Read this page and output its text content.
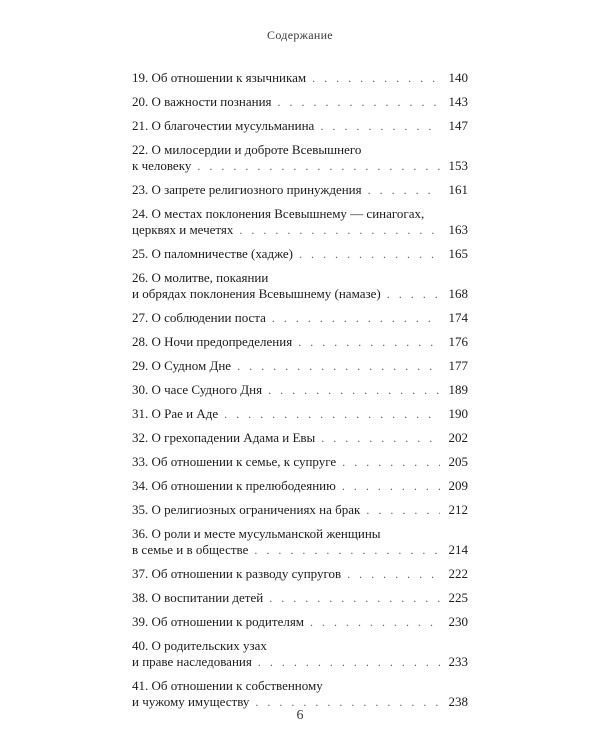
Содержание
19. Об отношении к язычникам . . .	140
20. О важности познания . . .	143
21. О благочестии мусульманина . . .	147
22. О милосердии и доброте Всевышнего
к человеку . . .	153
23. О запрете религиозного принуждения . . .	161
24. О местах поклонения Всевышнему — синагогах,
церквях и мечетях . . .	163
25. О паломничестве (хадже) . . .	165
26. О молитве, покаянии
и обрядах поклонения Всевышнему (намазе) . . .	168
27. О соблюдении поста . . .	174
28. О Ночи предопределения . . .	176
29. О Судном Дне . . .	177
30. О часе Судного Дня . . .	189
31. О Рае и Аде . . .	190
32. О грехопадении Адама и Евы . . .	202
33. Об отношении к семье, к супруге . . .	205
34. Об отношении к прелюбодеянию . . .	209
35. О религиозных ограничениях на брак . . .	212
36. О роли и месте мусульманской женщины
в семье и в обществе . . .	214
37. Об отношении к разводу супругов . . .	222
38. О воспитании детей . . .	225
39. Об отношении к родителям . . .	230
40. О родительских узах
и праве наследования . . .	233
41. Об отношении к собственному
и чужому имуществу . . .	238
6
